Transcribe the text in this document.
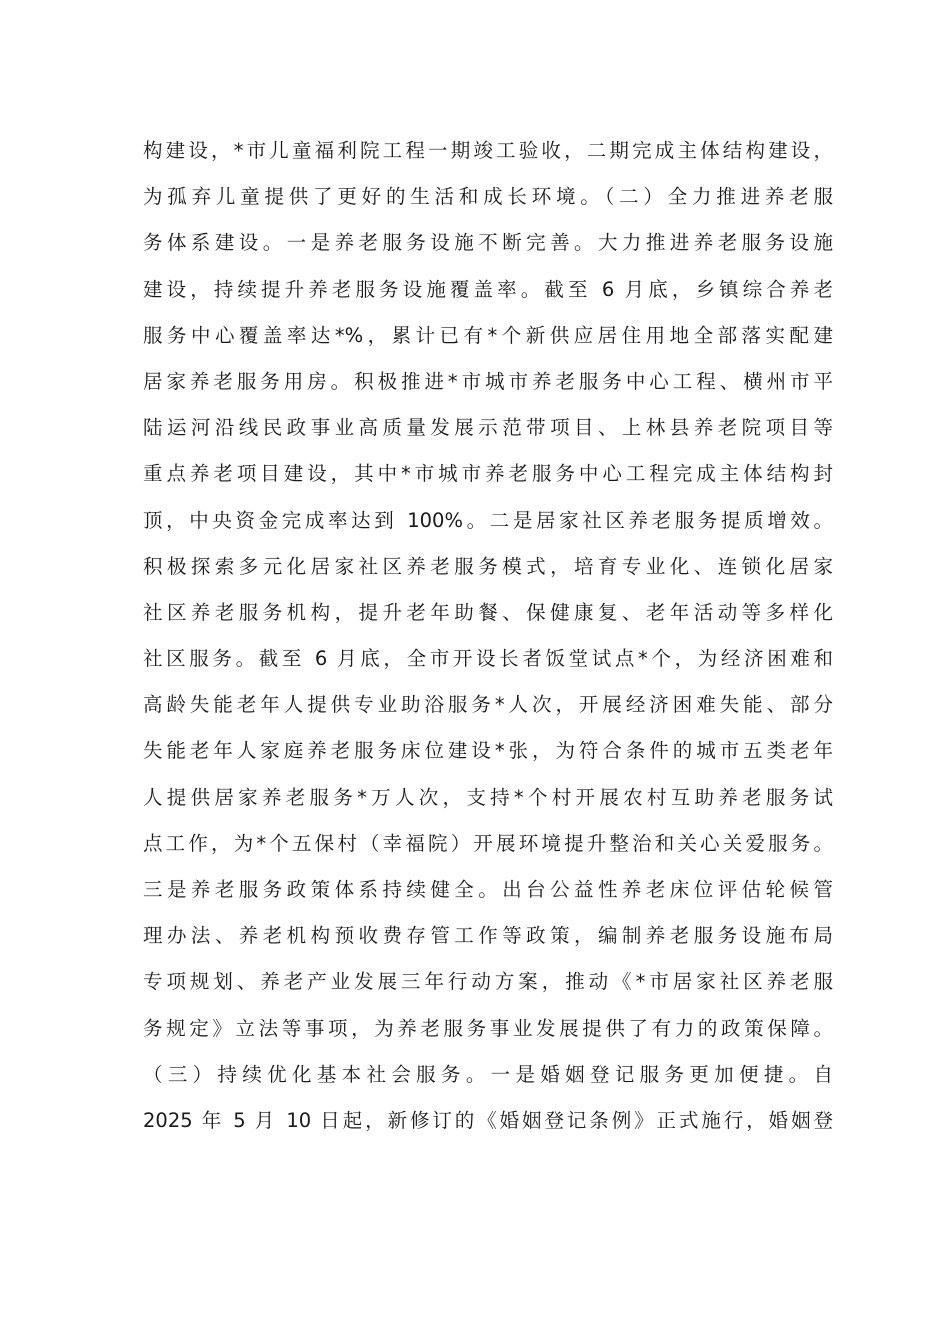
构建设，*市儿童福利院工程一期竣工验收，二期完成主体结构建设，
为孤弃儿童提供了更好的生活和成长环境。（二）全力推进养老服
务体系建设。一是养老服务设施不断完善。大力推进养老服务设施
建设，持续提升养老服务设施覆盖率。截至 6 月底，乡镇综合养老
服务中心覆盖率达*%，累计已有*个新供应居住用地全部落实配建
居家养老服务用房。积极推进*市城市养老服务中心工程、横州市平
陆运河沿线民政事业高质量发展示范带项目、上林县养老院项目等
重点养老项目建设，其中*市城市养老服务中心工程完成主体结构封
顶，中央资金完成率达到 100%。二是居家社区养老服务提质增效。
积极探索多元化居家社区养老服务模式，培育专业化、连锁化居家
社区养老服务机构，提升老年助餐、保健康复、老年活动等多样化
社区服务。截至 6 月底，全市开设长者饭堂试点*个，为经济困难和
高龄失能老年人提供专业助浴服务*人次，开展经济困难失能、部分
失能老年人家庭养老服务床位建设*张，为符合条件的城市五类老年
人提供居家养老服务*万人次，支持*个村开展农村互助养老服务试
点工作，为*个五保村（幸福院）开展环境提升整治和关心关爱服务。
三是养老服务政策体系持续健全。出台公益性养老床位评估轮候管
理办法、养老机构预收费存管工作等政策，编制养老服务设施布局
专项规划、养老产业发展三年行动方案，推动《*市居家社区养老服
务规定》立法等事项，为养老服务事业发展提供了有力的政策保障。
（三）持续优化基本社会服务。一是婚姻登记服务更加便捷。自
2025 年 5 月 10 日起，新修订的《婚姻登记条例》正式施行，婚姻登
